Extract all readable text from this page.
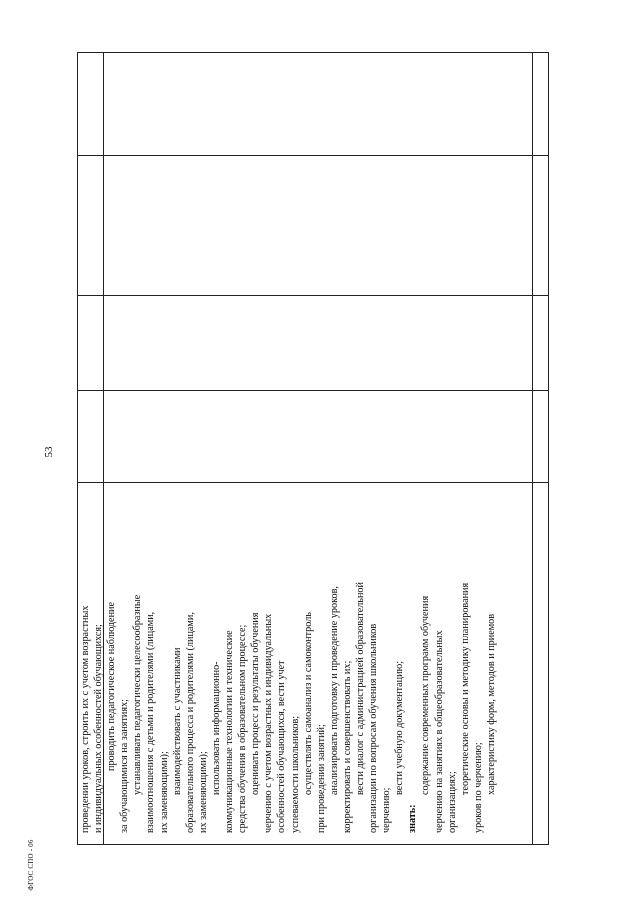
53
ФГОС СПО - 06
проведении уроков, строить их с учетом возрастных и индивидуальных особенностей обучающихся; проводить педагогическое наблюдение за обучающимися на занятиях; устанавливать педагогически целесообразные взаимоотношения с детьми и родителями (лицами, их заменяющими); взаимодействовать с участниками образовательного процесса и родителями (лицами, их заменяющими); использовать информационно- коммуникационные технологии и технические средства обучения в образовательном процессе; оценивать процесс и результаты обучения черчению с учетом возрастных и индивидуальных особенностей обучающихся, вести учет успеваемости школьников; осуществлять самоанализ и самоконтроль при проведении занятий; анализировать подготовку и проведение уроков, корректировать и совершенствовать их; вести диалог с администрацией образовательной организации по вопросам обучения школьников черчению;
вести учебную документацию;
знать:
содержание современных программ обучения черчению на занятиях в общеобразовательных организациях;
теоретические основы и методику планирования уроков по черчению; характеристику форм, методов и приемов
